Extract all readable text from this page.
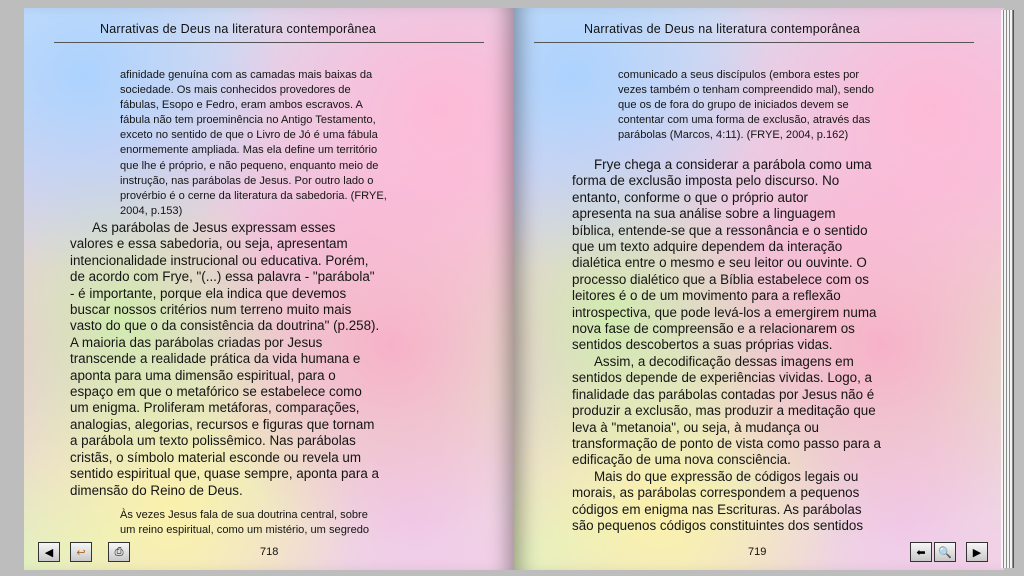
Narrativas de Deus na literatura contemporânea
afinidade genuína com as camadas mais baixas da
sociedade. Os mais conhecidos provedores de
fábulas, Esopo e Fedro, eram ambos escravos. A
fábula não tem proeminência no Antigo Testamento,
exceto no sentido de que o Livro de Jó é uma fábula
enormemente ampliada. Mas ela define um território
que lhe é próprio, e não pequeno, enquanto meio de
instrução, nas parábolas de Jesus. Por outro lado o
provérbio é o cerne da literatura da sabedoria. (FRYE,
2004, p.153)
As parábolas de Jesus expressam esses
valores e essa sabedoria, ou seja, apresentam
intencionalidade instrucional ou educativa. Porém,
de acordo com Frye, "(...) essa palavra - "parábola"
- é importante, porque ela indica que devemos
buscar nossos critérios num terreno muito mais
vasto do que o da consistência da doutrina" (p.258).
A maioria das parábolas criadas por Jesus
transcende a realidade prática da vida humana e
aponta para uma dimensão espiritual, para o
espaço em que o metafórico se estabelece como
um enigma. Proliferam metáforas, comparações,
analogias, alegorias, recursos e figuras que tornam
a parábola um texto polissêmico. Nas parábolas
cristãs, o símbolo material esconde ou revela um
sentido espiritual que, quase sempre, aponta para a
dimensão do Reino de Deus.
Às vezes Jesus fala de sua doutrina central, sobre
um reino espiritual, como um mistério, um segredo
718
◀ ↩	⎙
Narrativas de Deus na literatura contemporânea
comunicado a seus discípulos (embora estes por
vezes também o tenham compreendido mal), sendo
que os de fora do grupo de iniciados devem se
contentar com uma forma de exclusão, através das
parábolas (Marcos, 4:11). (FRYE, 2004, p.162)
Frye chega a considerar a parábola como uma
forma de exclusão imposta pelo discurso. No
entanto, conforme o que o próprio autor
apresenta na sua análise sobre a linguagem
bíblica, entende-se que a ressonância e o sentido
que um texto adquire dependem da interação
dialética entre o mesmo e seu leitor ou ouvinte. O
processo dialético que a Bíblia estabelece com os
leitores é o de um movimento para a reflexão
introspectiva, que pode levá-los a emergirem numa
nova fase de compreensão e a relacionarem os
sentidos descobertos a suas próprias vidas.
Assim, a decodificação dessas imagens em
sentidos depende de experiências vividas. Logo, a
finalidade das parábolas contadas por Jesus não é
produzir a exclusão, mas produzir a meditação que
leva à "metanoia", ou seja, à mudança ou
transformação de ponto de vista como passo para a
edificação de uma nova consciência.
Mais do que expressão de códigos legais ou
morais, as parábolas correspondem a pequenos
códigos em enigma nas Escrituras. As parábolas
são pequenos códigos constituintes dos sentidos
719	⬅ 🔍 ▶
